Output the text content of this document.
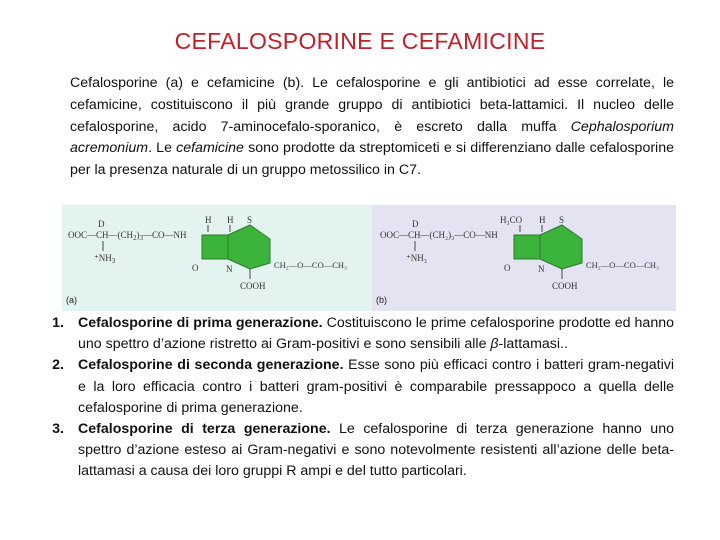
CEFALOSPORINE E CEFAMICINE
Cefalosporine (a) e cefamicine (b). Le cefalosporine e gli antibiotici ad esse correlate, le cefamicine, costituiscono il più grande gruppo di antibiotici beta-lattamici. Il nucleo delle cefalosporine, acido 7-aminocefalo-sporanico, è escreto dalla muffa Cephalosporium acremonium. Le cefamicine sono prodotte da streptomiceti e si differenziano dalle cefalosporine per la presenza naturale di un gruppo metossilico in C7.
D
$OOC—CH—(CH_2)_3—CO—NH$
$^+NH_3$
H H S
N
O	CH₂—O—CO—CH₃
COOH
(a)
D
OOC—CH—(CH₂)₃—CO—NH
⁺NH₃
H₃CO H S
N
O	CH₂—O—CO—CH₃
COOH
(b)
1. Cefalosporine di prima generazione. Costituiscono le prime cefalosporine prodotte ed hanno uno spettro d’azione ristretto ai Gram-positivi e sono sensibili alle β-lattamasi..
2. Cefalosporine di seconda generazione. Esse sono più efficaci contro i batteri gram-negativi e la loro efficacia contro i batteri gram-positivi è comparabile pressappoco a quella delle cefalosporine di prima generazione.
3. Cefalosporine di terza generazione. Le cefalosporine di terza generazione hanno uno spettro d’azione esteso ai Gram-negativi e sono notevolmente resistenti all’azione delle beta-lattamasi a causa dei loro gruppi R ampi e del tutto particolari.
